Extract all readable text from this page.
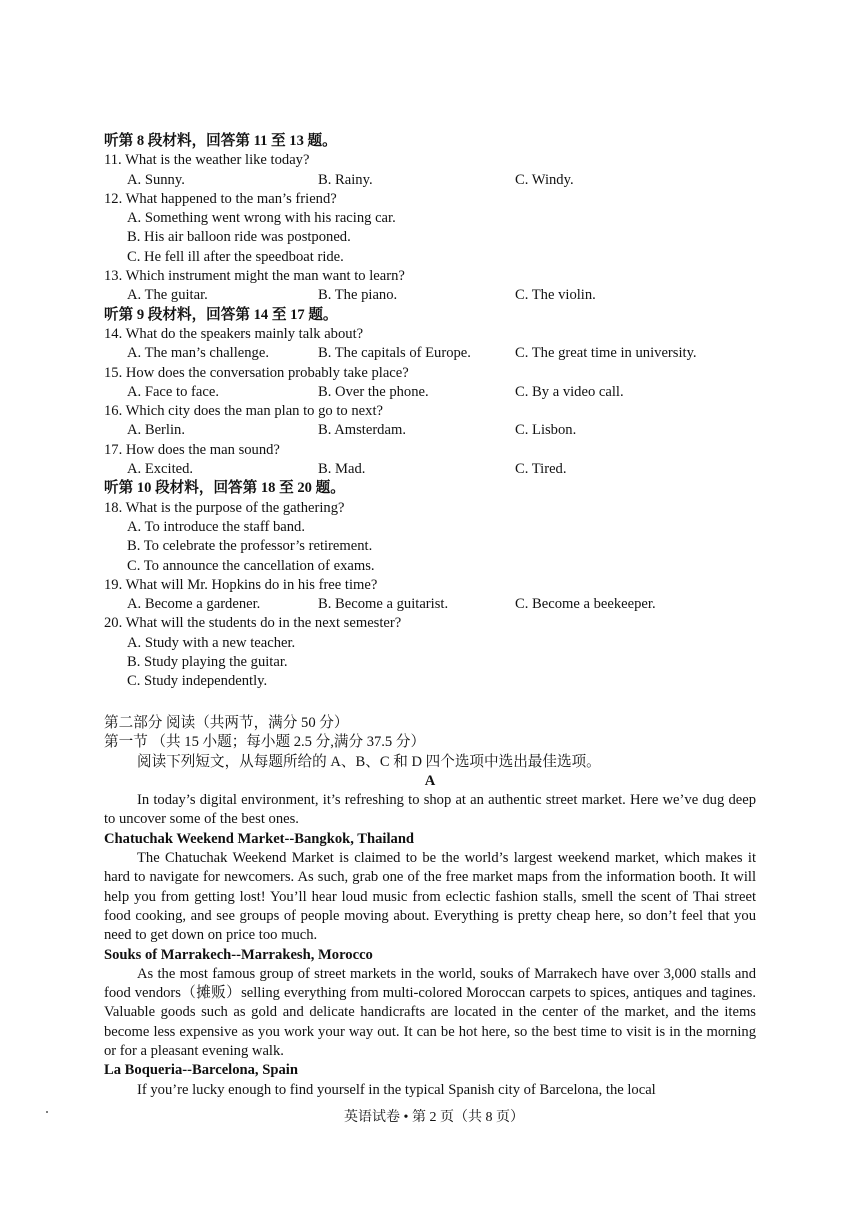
听第 8 段材料，回答第 11 至 13 题。
11. What is the weather like today?
A. Sunny.	B. Rainy.	C. Windy.
12. What happened to the man’s friend?
A. Something went wrong with his racing car.
B. His air balloon ride was postponed.
C. He fell ill after the speedboat ride.
13. Which instrument might the man want to learn?
A. The guitar.	B. The piano.	C. The violin.
听第 9 段材料，回答第 14 至 17 题。
14. What do the speakers mainly talk about?
A. The man’s challenge.	B. The capitals of Europe.	C. The great time in university.
15. How does the conversation probably take place?
A. Face to face.	B. Over the phone.	C. By a video call.
16. Which city does the man plan to go to next?
A. Berlin.	B. Amsterdam.	C. Lisbon.
17. How does the man sound?
A. Excited.	B. Mad.	C. Tired.
听第 10 段材料，回答第 18 至 20 题。
18. What is the purpose of the gathering?
A. To introduce the staff band.
B. To celebrate the professor’s retirement.
C. To announce the cancellation of exams.
19. What will Mr. Hopkins do in his free time?
A. Become a gardener.	B. Become a guitarist.	C. Become a beekeeper.
20. What will the students do in the next semester?
A. Study with a new teacher.
B. Study playing the guitar.
C. Study independently.
第二部分 阅读（共两节，满分 50 分）
第一节 （共 15 小题；每小题 2.5 分,满分 37.5 分）
阅读下列短文，从每题所给的 A、B、C 和 D 四个选项中选出最佳选项。
A
In today’s digital environment, it’s refreshing to shop at an authentic street market. Here we’ve dug deep to uncover some of the best ones.
Chatuchak Weekend Market--Bangkok, Thailand
The Chatuchak Weekend Market is claimed to be the world’s largest weekend market, which makes it hard to navigate for newcomers. As such, grab one of the free market maps from the information booth. It will help you from getting lost! You’ll hear loud music from eclectic fashion stalls, smell the scent of Thai street food cooking, and see groups of people moving about. Everything is pretty cheap here, so don’t feel that you need to get down on price too much.
Souks of Marrakech--Marrakesh, Morocco
As the most famous group of street markets in the world, souks of Marrakech have over 3,000 stalls and food vendors（摊贩）selling everything from multi-colored Moroccan carpets to spices, antiques and tagines. Valuable goods such as gold and delicate handicrafts are located in the center of the market, and the items become less expensive as you work your way out. It can be hot here, so the best time to visit is in the morning or for a pleasant evening walk.
La Boqueria--Barcelona, Spain
If you’re lucky enough to find yourself in the typical Spanish city of Barcelona, the local
英语试卷 • 第 2 页（共 8 页）
